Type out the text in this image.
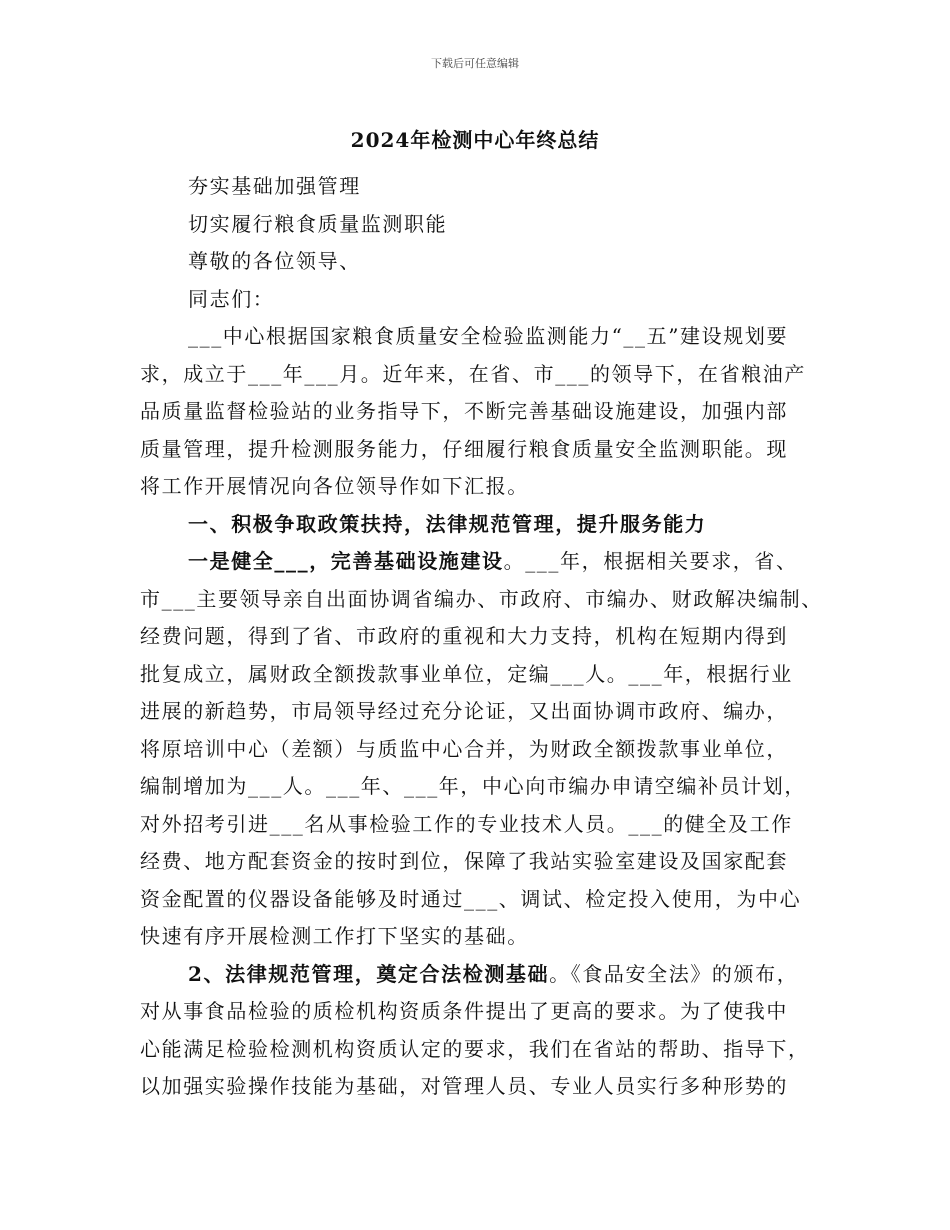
下载后可任意编辑
2024年检测中心年终总结
夯实基础加强管理
切实履行粮食质量监测职能
尊敬的各位领导、
同志们：
___中心根据国家粮食质量安全检验监测能力“__五”建设规划要
求，成立于___年___月。近年来，在省、市___的领导下，在省粮油产
品质量监督检验站的业务指导下，不断完善基础设施建设，加强内部
质量管理，提升检测服务能力，仔细履行粮食质量安全监测职能。现
将工作开展情况向各位领导作如下汇报。
一、积极争取政策扶持，法律规范管理，提升服务能力
一是健全___，完善基础设施建设。___年，根据相关要求，省、
市___主要领导亲自出面协调省编办、市政府、市编办、财政解决编制、
经费问题，得到了省、市政府的重视和大力支持，机构在短期内得到
批复成立，属财政全额拨款事业单位，定编___人。___年，根据行业
进展的新趋势，市局领导经过充分论证，又出面协调市政府、编办，
将原培训中心（差额）与质监中心合并，为财政全额拨款事业单位，
编制增加为___人。___年、___年，中心向市编办申请空编补员计划，
对外招考引进___名从事检验工作的专业技术人员。___的健全及工作
经费、地方配套资金的按时到位，保障了我站实验室建设及国家配套
资金配置的仪器设备能够及时通过___、调试、检定投入使用，为中心
快速有序开展检测工作打下坚实的基础。
2、法律规范管理，奠定合法检测基础。《食品安全法》的颁布，
对从事食品检验的质检机构资质条件提出了更高的要求。为了使我中
心能满足检验检测机构资质认定的要求，我们在省站的帮助、指导下，
以加强实验操作技能为基础，对管理人员、专业人员实行多种形势的
